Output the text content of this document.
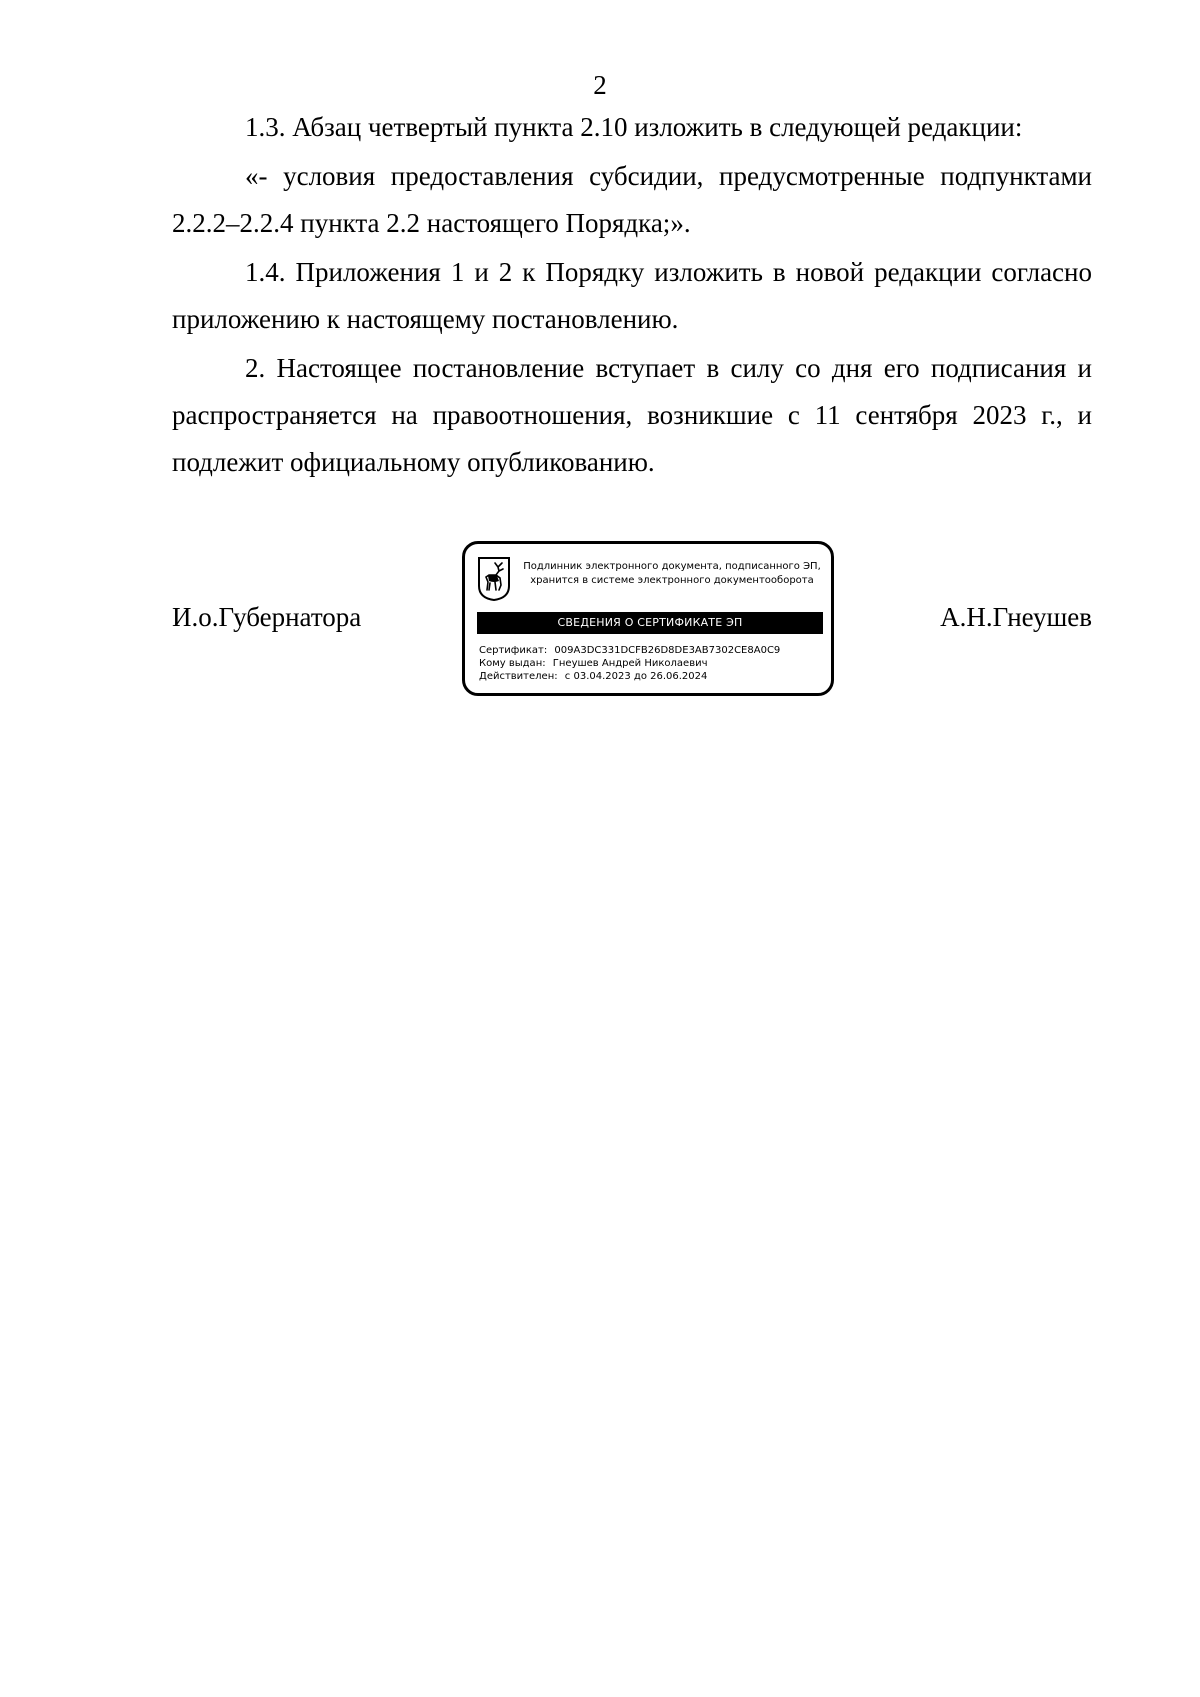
2

1.3. Абзац четвертый пункта 2.10 изложить в следующей редакции:

«- условия предоставления субсидии, предусмотренные подпунктами 2.2.2–2.2.4 пункта 2.2 настоящего Порядка;».

1.4. Приложения 1 и 2 к Порядку изложить в новой редакции согласно приложению к настоящему постановлению.

2. Настоящее постановление вступает в силу со дня его подписания и распространяется на правоотношения, возникшие с 11 сентября 2023 г., и подлежит официальному опубликованию.

И.о.Губернатора
Подлинник электронного документа, подписанного ЭП,
хранится в системе электронного документооборота
СВЕДЕНИЯ О СЕРТИФИКАТЕ ЭП
Сертификат: 009A3DC331DCFB26D8DE3AB7302CE8A0C9
Кому выдан: Гнеушев Андрей Николаевич
Действителен: с 03.04.2023 до 26.06.2024
А.Н.Гнеушев
